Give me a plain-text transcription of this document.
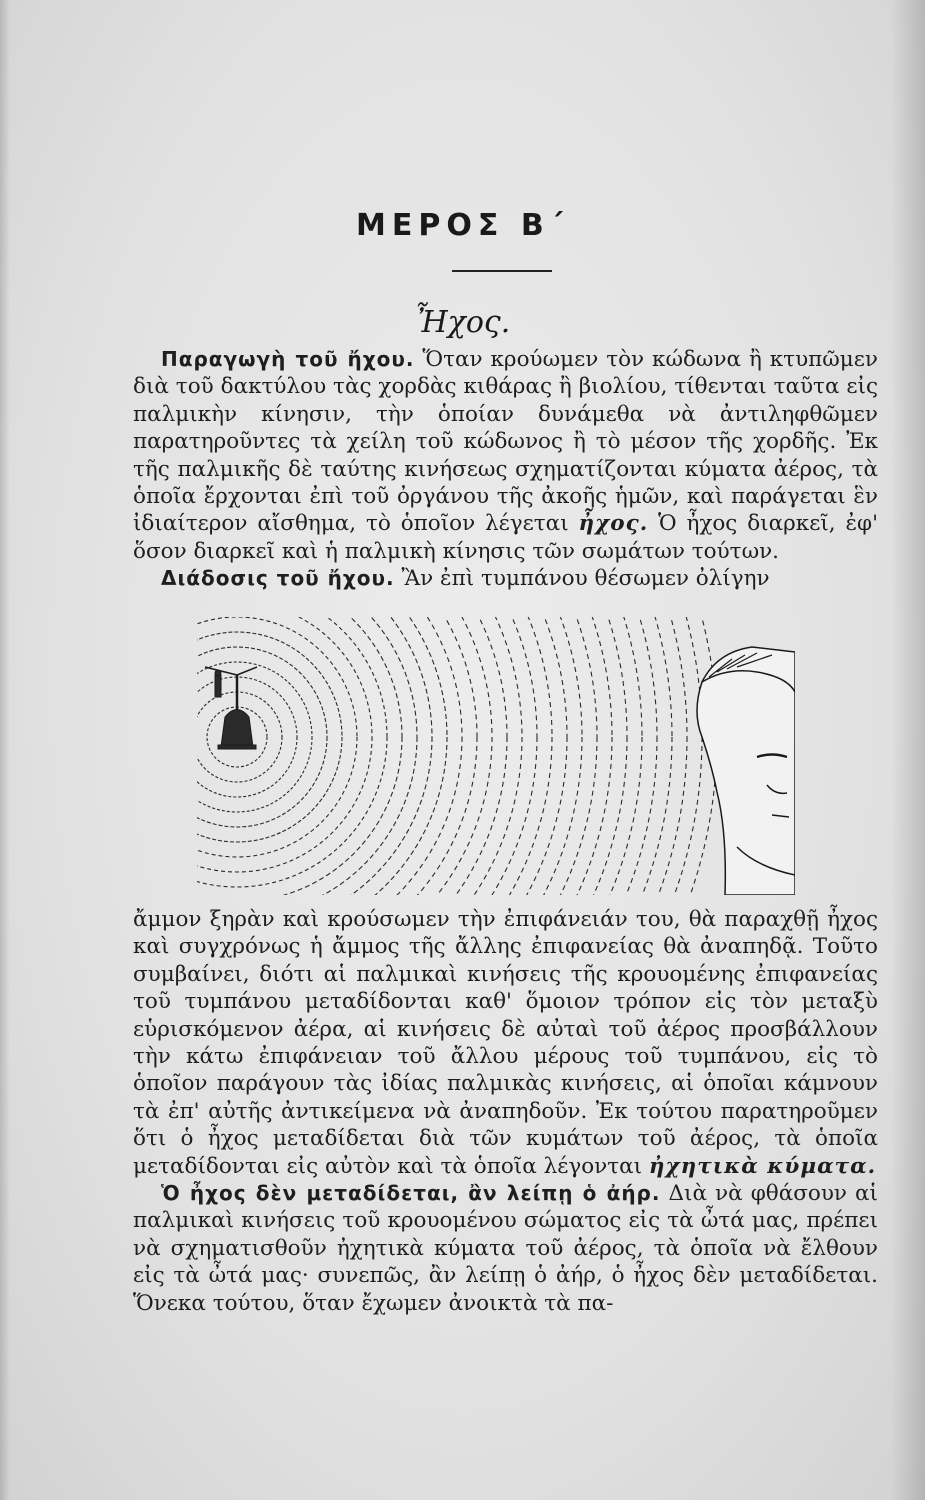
ΜΕΡΟΣ Β΄
Ἦχος.

Παραγωγὴ τοῦ ἤχου. Ὅταν κρούωμεν τὸν κώδωνα ἢ κτυπῶμεν διὰ τοῦ δακτύλου τὰς χορδὰς κιθάρας ἢ βιολίου, τίθενται ταῦτα εἰς παλμικὴν κίνησιν, τὴν ὁποίαν δυνάμεθα νὰ ἀντιληφθῶμεν παρατηροῦντες τὰ χείλη τοῦ κώδωνος ἢ τὸ μέσον τῆς χορδῆς. Ἐκ τῆς παλμικῆς δὲ ταύτης κινήσεως σχηματίζονται κύματα ἀέρος, τὰ ὁποῖα ἔρχονται ἐπὶ τοῦ ὀργάνου τῆς ἀκοῆς ἡμῶν, καὶ παράγεται ἓν ἰδιαίτερον αἴσθημα, τὸ ὁποῖον λέγεται ἦχος. Ὁ ἦχος διαρκεῖ, ἐφ' ὅσον διαρκεῖ καὶ ἡ παλμικὴ κίνησις τῶν σωμάτων τούτων.

Διάδοσις τοῦ ἤχου. Ἂν ἐπὶ τυμπάνου θέσωμεν ὀλίγην

ἄμμον ξηρὰν καὶ κρούσωμεν τὴν ἐπιφάνειάν του, θὰ παραχθῇ ἦχος καὶ συγχρόνως ἡ ἄμμος τῆς ἄλλης ἐπιφανείας θὰ ἀναπηδᾷ. Τοῦτο συμβαίνει, διότι αἱ παλμικαὶ κινήσεις τῆς κρουομένης ἐπιφανείας τοῦ τυμπάνου μεταδίδονται καθ' ὅμοιον τρόπον εἰς τὸν μεταξὺ εὑρισκόμενον ἀέρα, αἱ κινήσεις δὲ αὐταὶ τοῦ ἀέρος προσβάλλουν τὴν κάτω ἐπιφάνειαν τοῦ ἄλλου μέρους τοῦ τυμπάνου, εἰς τὸ ὁποῖον παράγουν τὰς ἰδίας παλμικὰς κινήσεις, αἱ ὁποῖαι κάμνουν τὰ ἐπ' αὐτῆς ἀντικείμενα νὰ ἀναπηδοῦν. Ἐκ τούτου παρατηροῦμεν ὅτι ὁ ἦχος μεταδίδεται διὰ τῶν κυμάτων τοῦ ἀέρος, τὰ ὁποῖα μεταδίδονται εἰς αὐτὸν καὶ τὰ ὁποῖα λέγονται ἠχητικὰ κύματα.

Ὁ ἦχος δὲν μεταδίδεται, ἂν λείπῃ ὁ ἀήρ. Διὰ νὰ φθάσουν αἱ παλμικαὶ κινήσεις τοῦ κρουομένου σώματος εἰς τὰ ὦτά μας, πρέπει νὰ σχηματισθοῦν ἠχητικὰ κύματα τοῦ ἀέρος, τὰ ὁποῖα νὰ ἔλθουν εἰς τὰ ὦτά μας· συνεπῶς, ἂν λείπῃ ὁ ἀήρ, ὁ ἦχος δὲν μεταδίδεται. Ὅνεκα τούτου, ὅταν ἔχωμεν ἀνοικτὰ τὰ πα-
